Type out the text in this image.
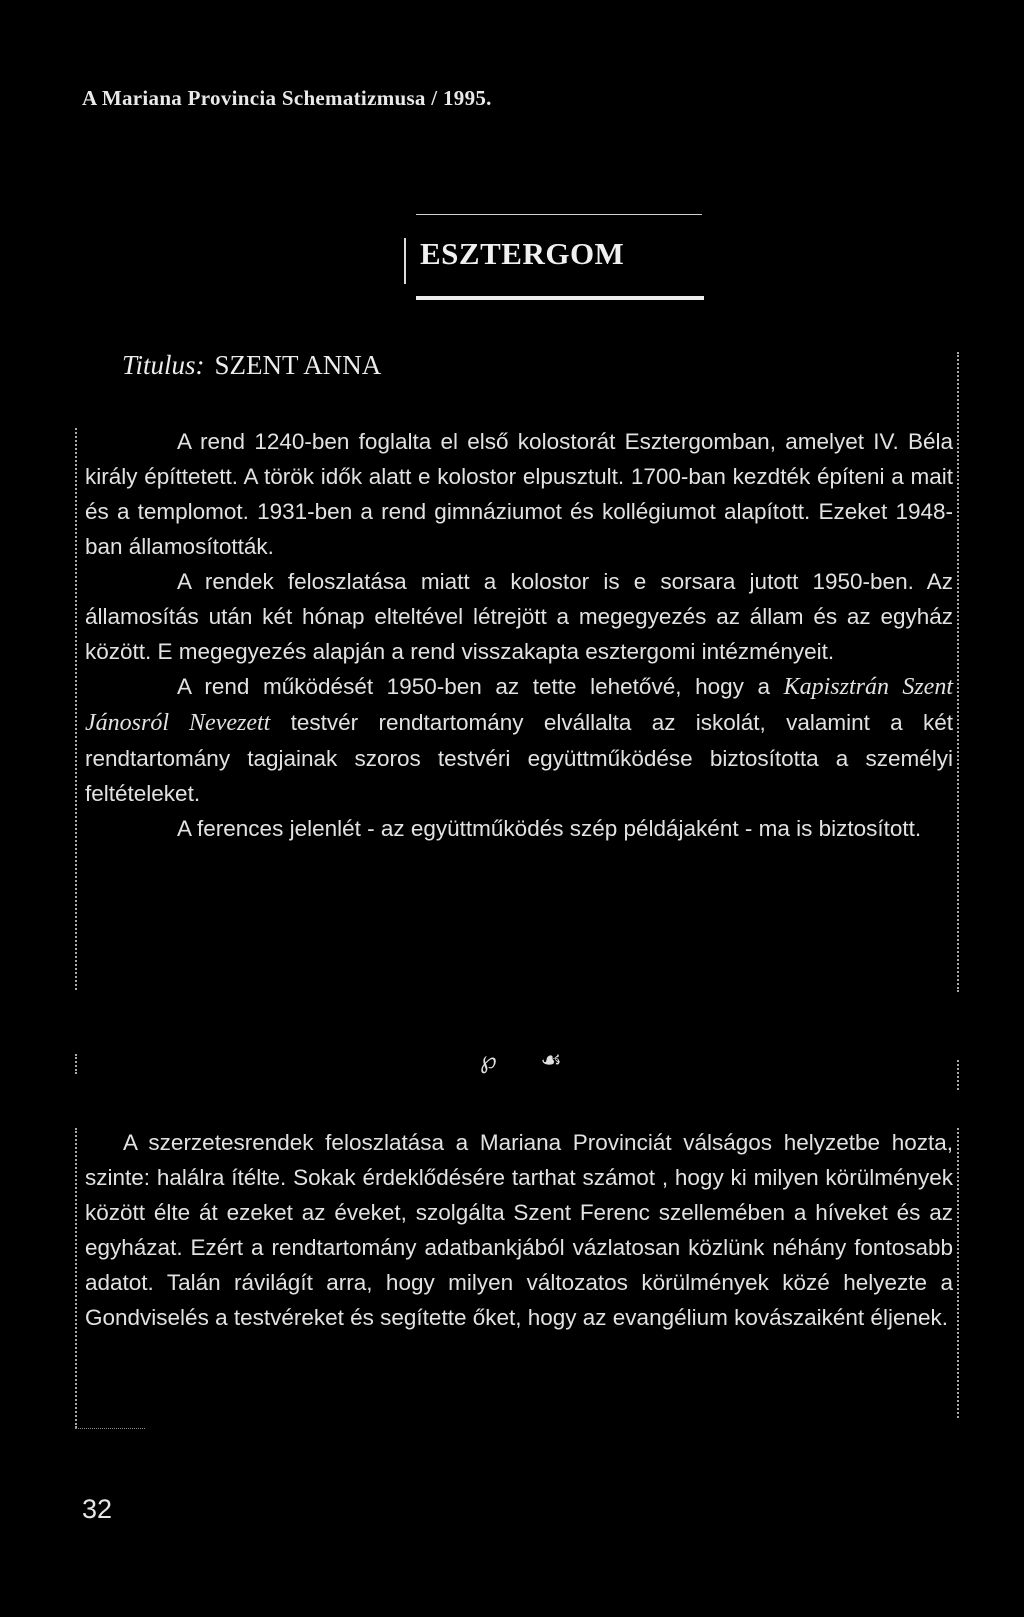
A Mariana Provincia Schematizmusa / 1995.
ESZTERGOM
Titulus: SZENT ANNA

A rend 1240-ben foglalta el első kolostorát Esztergomban, amelyet IV. Béla király építtetett. A török idők alatt e kolostor elpusztult. 1700-ban kezdték építeni a mait és a templomot. 1931-ben a rend gimnáziumot és kollégiumot alapított. Ezeket 1948-ban államosították.

A rendek feloszlatása miatt a kolostor is e sorsara jutott 1950-ben. Az államosítás után két hónap elteltével létrejött a megegyezés az állam és az egyház között. E megegyezés alapján a rend visszakapta esztergomi intézményeit.

A rend működését 1950-ben az tette lehetővé, hogy a Kapisztrán Szent Jánosról Nevezett testvér rendtartomány elvállalta az iskolát, valamint a két rendtartomány tagjainak szoros testvéri együttműködése biztosította a személyi feltételeket.

A ferences jelenlét - az együttműködés szép példájaként - ma is biztosított.

℘ ☙

A szerzetesrendek feloszlatása a Mariana Provinciát válságos helyzetbe hozta, szinte: halálra ítélte. Sokak érdeklődésére tarthat számot , hogy ki milyen körülmények között élte át ezeket az éveket, szolgálta Szent Ferenc szellemében a híveket és az egyházat. Ezért a rendtartomány adatbankjából vázlatosan közlünk néhány fontosabb adatot. Talán rávilágít arra, hogy milyen változatos körülmények közé helyezte a Gondviselés a testvéreket és segítette őket, hogy az evangélium kovászaiként éljenek.

32
